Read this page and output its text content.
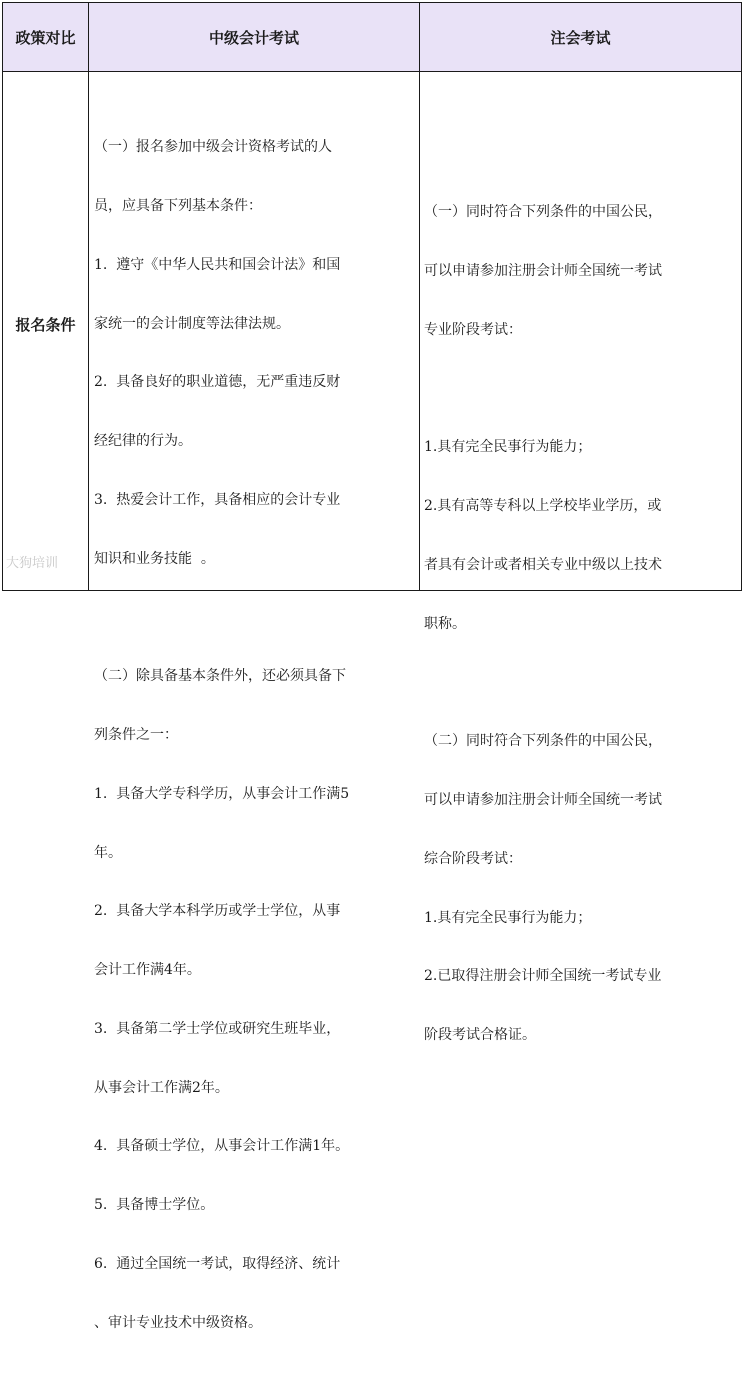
政策对比	中级会计考试	注会考试
报名条件

（一）报名参加中级会计资格考试的人

员，应具备下列基本条件：

1.  遵守《中华人民共和国会计法》和国

家统一的会计制度等法律法规。

2.  具备良好的职业道德，无严重违反财

经纪律的行为。

3.  热爱会计工作，具备相应的会计专业

知识和业务技能  。

（二）除具备基本条件外，还必须具备下

列条件之一：

1.  具备大学专科学历，从事会计工作满5

年。

2.  具备大学本科学历或学士学位，从事

会计工作满4年。

3.  具备第二学士学位或研究生班毕业，

从事会计工作满2年。

4.  具备硕士学位，从事会计工作满1年。

5.  具备博士学位。

6.  通过全国统一考试，取得经济、统计

、审计专业技术中级资格。

（一）同时符合下列条件的中国公民，

可以申请参加注册会计师全国统一考试

专业阶段考试：

1.具有完全民事行为能力；

2.具有高等专科以上学校毕业学历，或

者具有会计或者相关专业中级以上技术

职称。

（二）同时符合下列条件的中国公民，

可以申请参加注册会计师全国统一考试

综合阶段考试：

1.具有完全民事行为能力；

2.已取得注册会计师全国统一考试专业

阶段考试合格证。

大狗培训
